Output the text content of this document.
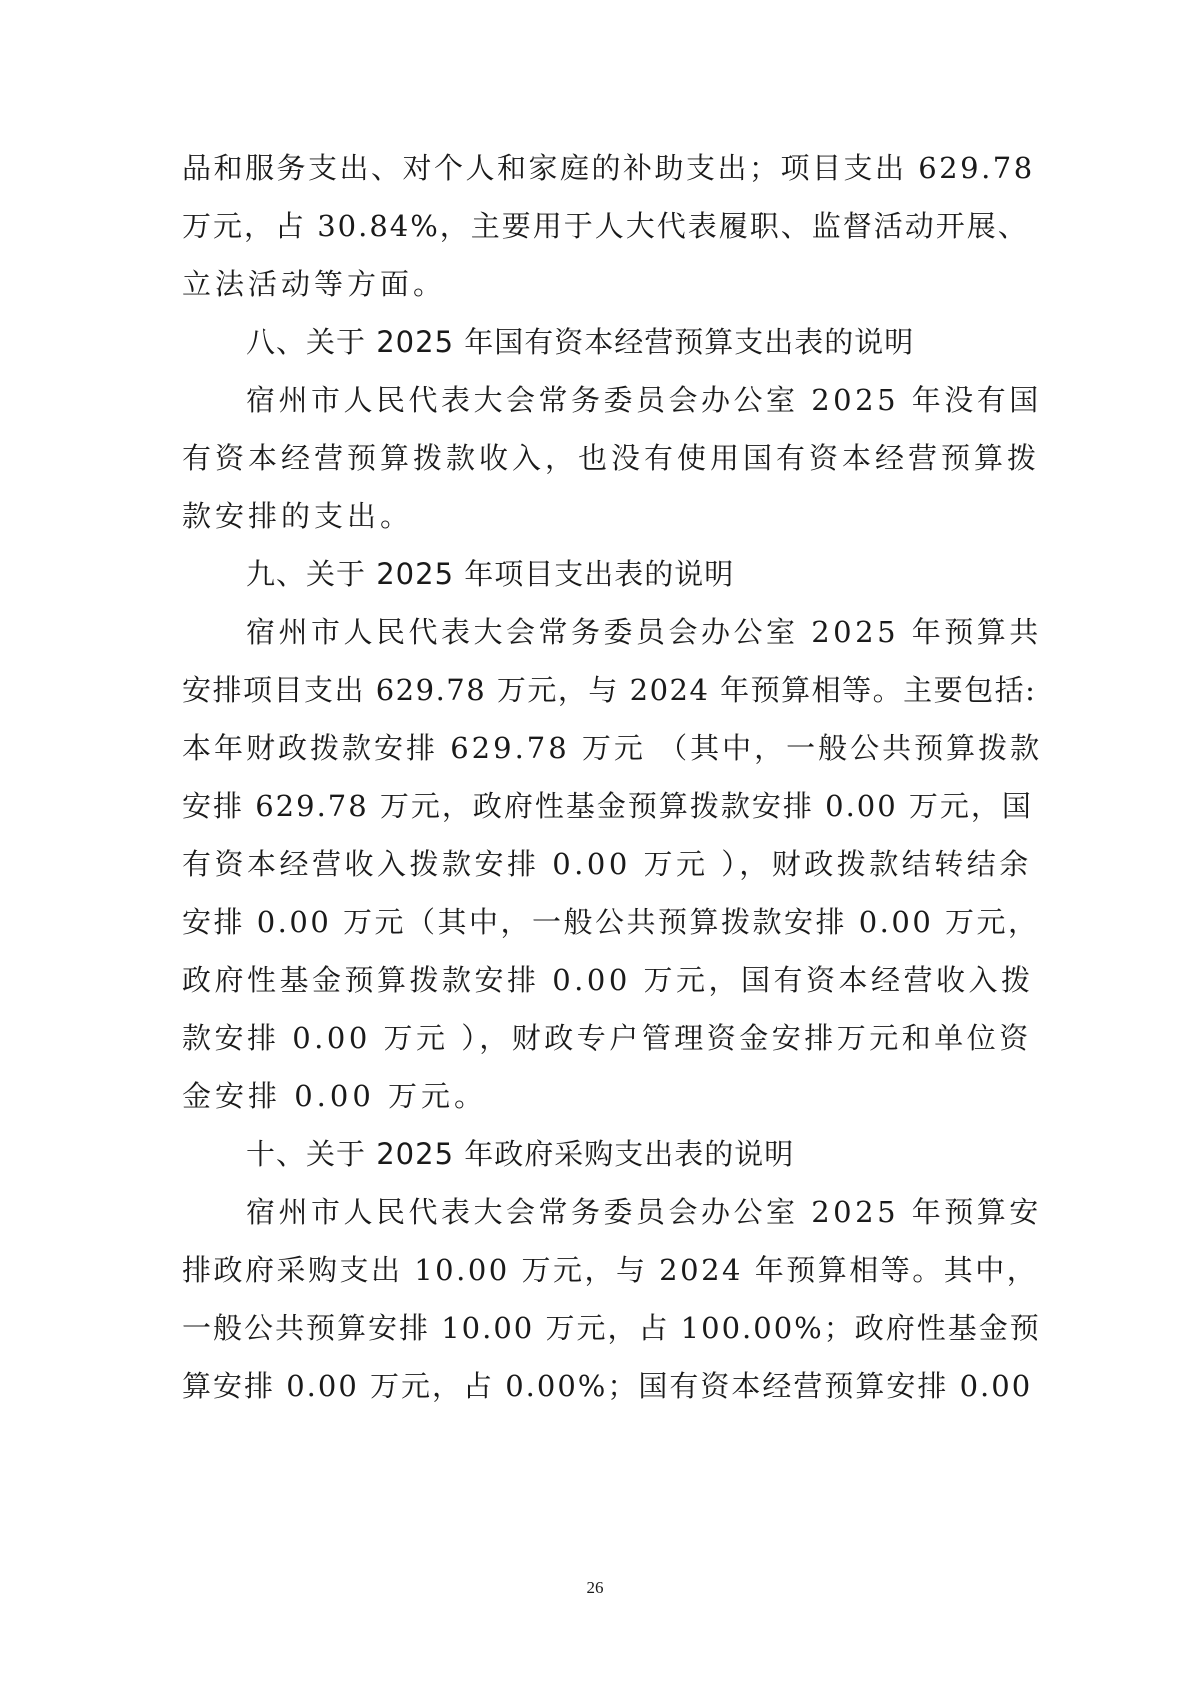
品和服务支出、对个人和家庭的补助支出；项目支出 629.78
万元，占 30.84%，主要用于人大代表履职、监督活动开展、
立法活动等方面。
八、关于 2025 年国有资本经营预算支出表的说明
宿州市人民代表大会常务委员会办公室 2025 年没有国
有资本经营预算拨款收入，也没有使用国有资本经营预算拨
款安排的支出。
九、关于 2025 年项目支出表的说明
宿州市人民代表大会常务委员会办公室 2025 年预算共
安排项目支出 629.78 万元，与 2024 年预算相等。主要包括:
本年财政拨款安排 629.78 万元 （其中，一般公共预算拨款
安排 629.78 万元，政府性基金预算拨款安排 0.00 万元，国
有资本经营收入拨款安排 0.00 万元 ），财政拨款结转结余
安排 0.00 万元（其中，一般公共预算拨款安排 0.00 万元，
政府性基金预算拨款安排 0.00 万元，国有资本经营收入拨
款安排 0.00 万元 ），财政专户管理资金安排万元和单位资
金安排 0.00 万元。
十、关于 2025 年政府采购支出表的说明
宿州市人民代表大会常务委员会办公室 2025 年预算安
排政府采购支出 10.00 万元，与 2024 年预算相等。其中，
一般公共预算安排 10.00 万元，占 100.00%；政府性基金预
算安排 0.00 万元，占 0.00%；国有资本经营预算安排 0.00
26
